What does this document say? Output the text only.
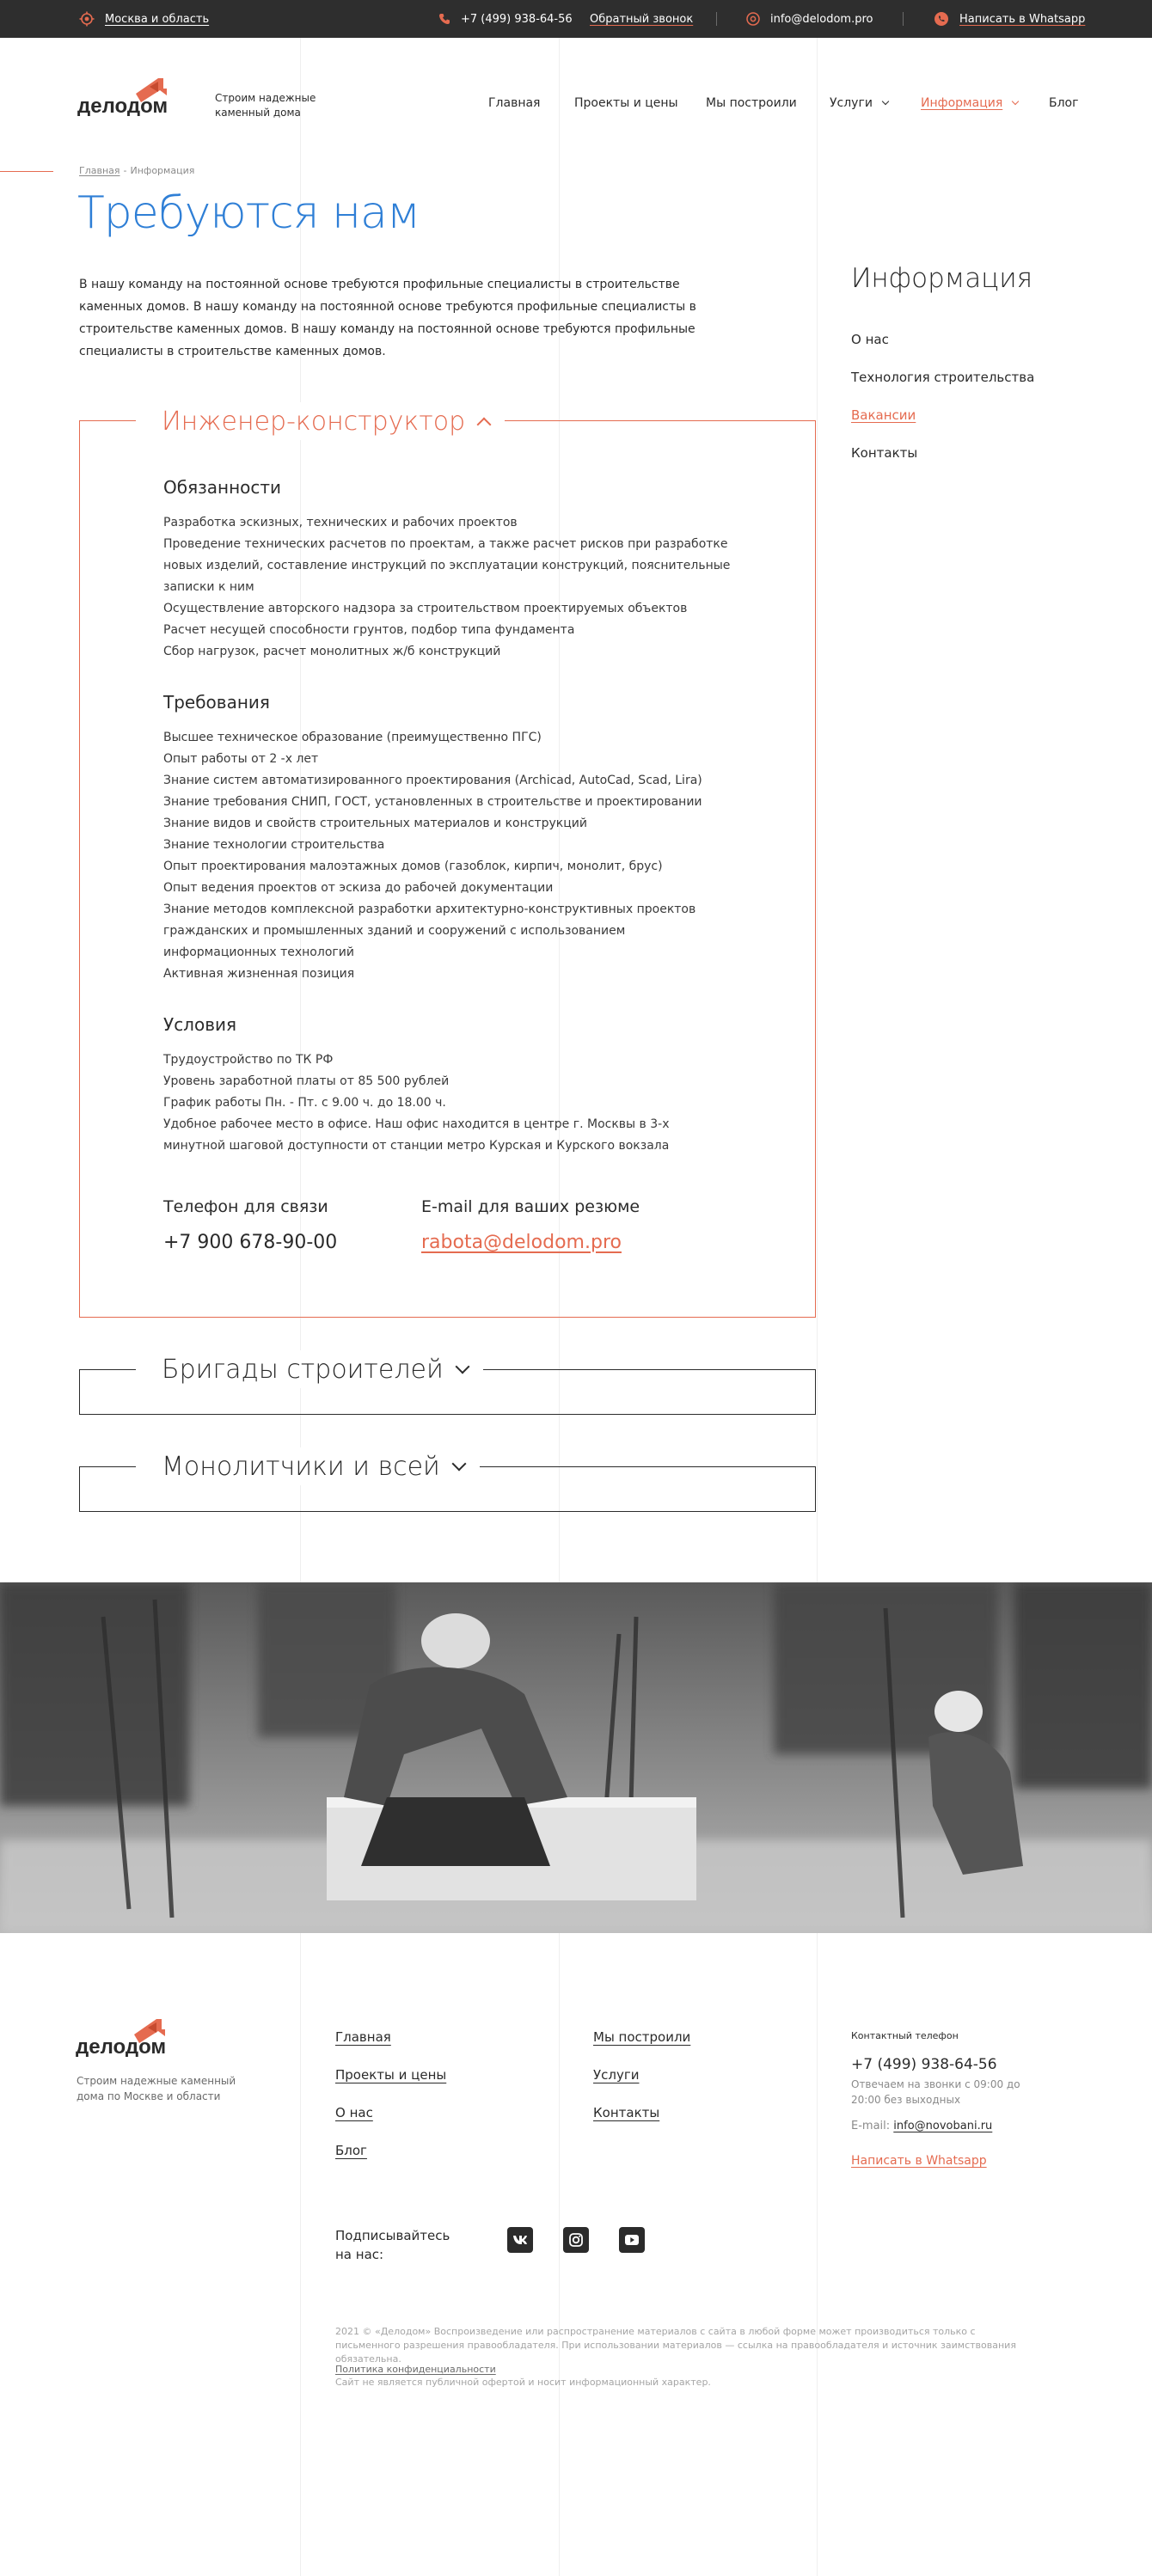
Москва и область	+7 (499) 938-64-56 Обратный звонок	info@delodom.pro	Написать в Whatsapp
делодом	Строим надежные
каменный дома
Главная	Проекты и цены Мы построили	Услуги	Информация	Блог
Главная - Информация
Требуются нам

В нашу команду на постоянной основе требуются профильные специалисты в строительстве каменных домов. В нашу команду на постоянной основе требуются профильные специалисты в строительстве каменных домов. В нашу команду на постоянной основе требуются профильные специалисты в строительстве каменных домов.

Информация
О нас
Технология строительства
Вакансии
Контакты
Инженер-конструктор
Обязанности
Разработка эскизных, технических и рабочих проектов
Проведение технических расчетов по проектам, а также расчет рисков при разработке новых изделий, составление инструкций по эксплуатации конструкций, пояснительные записки к ним
Осуществление авторского надзора за строительством проектируемых объектов
Расчет несущей способности грунтов, подбор типа фундамента
Сбор нагрузок, расчет монолитных ж/б конструкций
Требования
Высшее техническое образование (преимущественно ПГС)
Опыт работы от 2 -х лет
Знание систем автоматизированного проектирования (Archicad, AutoCad, Scad, Lira)
Знание требования СНИП, ГОСТ, установленных в строительстве и проектировании
Знание видов и свойств строительных материалов и конструкций
Знание технологии строительства
Опыт проектирования малоэтажных домов (газоблок, кирпич, монолит, брус)
Опыт ведения проектов от эскиза до рабочей документации
Знание методов комплексной разработки архитектурно-конструктивных проектов гражданских и промышленных зданий и сооружений с использованием информационных технологий
Активная жизненная позиция
Условия
Трудоустройство по ТК РФ
Уровень заработной платы от 85 500 рублей
График работы Пн. - Пт. с 9.00 ч. до 18.00 ч.
Удобное рабочее место в офисе. Наш офис находится в центре г. Москвы в 3-х минутной шаговой доступности от станции метро Курская и Курского вокзала
Телефон для связи
+7 900 678-90-00
E-mail для ваших резюме
rabota@delodom.pro
Бригады строителей
Монолитчики и всей
делодом
Строим надежные каменный
дома по Москве и области
Главная
Проекты и цены
О нас
Блог
Мы построили
Услуги
Контакты
Контактный телефон
+7 (499) 938-64-56
Отвечаем на звонки с 09:00 до 20:00 без выходных
E-mail: info@novobani.ru
Написать в Whatsapp
Подписывайтесь на нас:
2021 © «Делодом» Воспроизведение или распространение материалов с сайта в любой форме может производиться только с письменного разрешения правообладателя. При использовании материалов — ссылка на правообладателя и источник заимствования обязательна.
Политика конфиденциальности
Сайт не является публичной офертой и носит информационный характер.
